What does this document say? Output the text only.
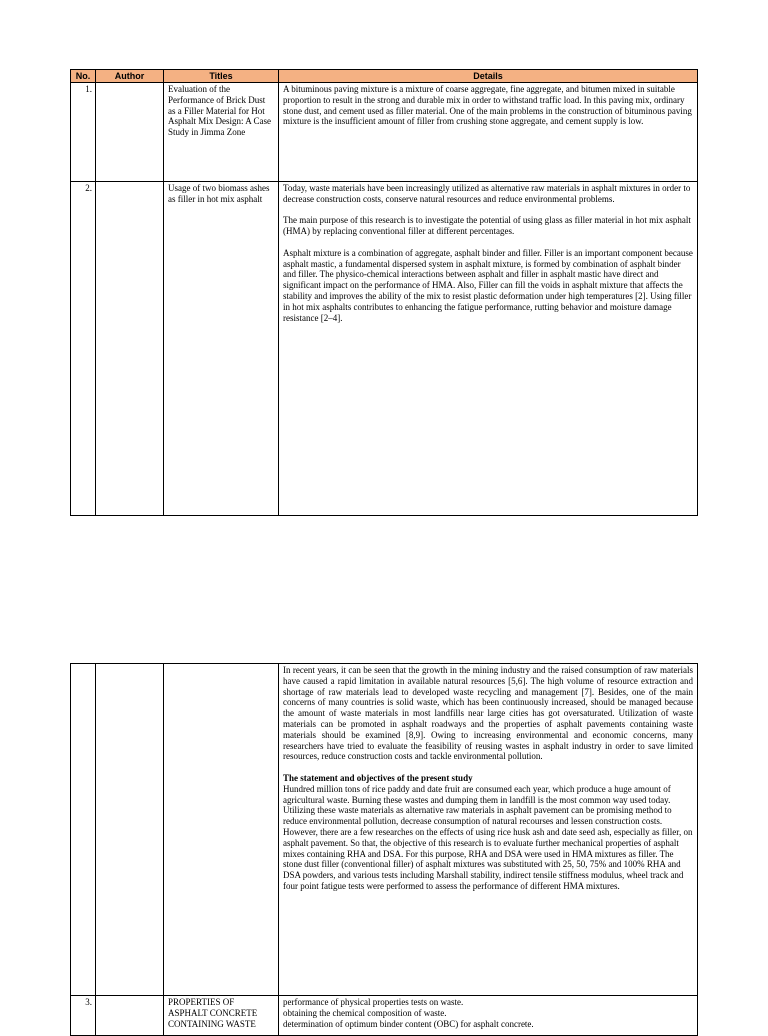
No.	Author	Titles	Details
1.		Evaluation of the Performance of Brick Dust as a Filler Material for Hot Asphalt Mix Design: A Case Study in Jimma Zone	A bituminous paving mixture is a mixture of coarse aggregate, fine aggregate, and bitumen mixed in suitable proportion to result in the strong and durable mix in order to withstand traffic load. In this paving mix, ordinary stone dust, and cement used as filler material. One of the main problems in the construction of bituminous paving mixture is the insufficient amount of filler from crushing stone aggregate, and cement supply is low.

2.		Usage of two biomass ashes as filler in hot mix asphalt	Today, waste materials have been increasingly utilized as alternative raw materials in asphalt mixtures in order to decrease construction costs, conserve natural resources and reduce environmental problems.

The main purpose of this research is to investigate the potential of using glass as filler material in hot mix asphalt (HMA) by replacing conventional filler at different percentages.

Asphalt mixture is a combination of aggregate, asphalt binder and filler. Filler is an important component because asphalt mastic, a fundamental dispersed system in asphalt mixture, is formed by combination of asphalt binder and filler. The physico-chemical interactions between asphalt and filler in asphalt mastic have direct and significant impact on the performance of HMA. Also, Filler can fill the voids in asphalt mixture that affects the stability and improves the ability of the mix to resist plastic deformation under high temperatures [2]. Using filler in hot mix asphalts contributes to enhancing the fatigue performance, rutting behavior and moisture damage resistance [2–4].

			In recent years, it can be seen that the growth in the mining industry and the raised consumption of raw materials have caused a rapid limitation in available natural resources [5,6]. The high volume of resource extraction and shortage of raw materials lead to developed waste recycling and management [7]. Besides, one of the main concerns of many countries is solid waste, which has been continuously increased, should be managed because the amount of waste materials in most landfills near large cities has got oversaturated. Utilization of waste materials can be promoted in asphalt roadways and the properties of asphalt pavements containing waste materials should be examined [8,9]. Owing to increasing environmental and economic concerns, many researchers have tried to evaluate the feasibility of reusing wastes in asphalt industry in order to save limited resources, reduce construction costs and tackle environmental pollution.

The statement and objectives of the present study

Hundred million tons of rice paddy and date fruit are consumed each year, which produce a huge amount of agricultural waste. Burning these wastes and dumping them in landfill is the most common way used today. Utilizing these waste materials as alternative raw materials in asphalt pavement can be promising method to reduce environmental pollution, decrease consumption of natural recourses and lessen construction costs. However, there are a few researches on the effects of using rice husk ash and date seed ash, especially as filler, on asphalt pavement. So that, the objective of this research is to evaluate further mechanical properties of asphalt mixes containing RHA and DSA. For this purpose, RHA and DSA were used in HMA mixtures as filler. The stone dust filler (conventional filler) of asphalt mixtures was substituted with 25, 50, 75% and 100% RHA and DSA powders, and various tests including Marshall stability, indirect tensile stiffness modulus, wheel track and four point fatigue tests were performed to assess the performance of different HMA mixtures.

3.		PROPERTIES OF
ASPHALT CONCRETE
CONTAINING WASTE	performance of physical properties tests on waste.
obtaining the chemical composition of waste.
determination of optimum binder content (OBC) for asphalt concrete.
